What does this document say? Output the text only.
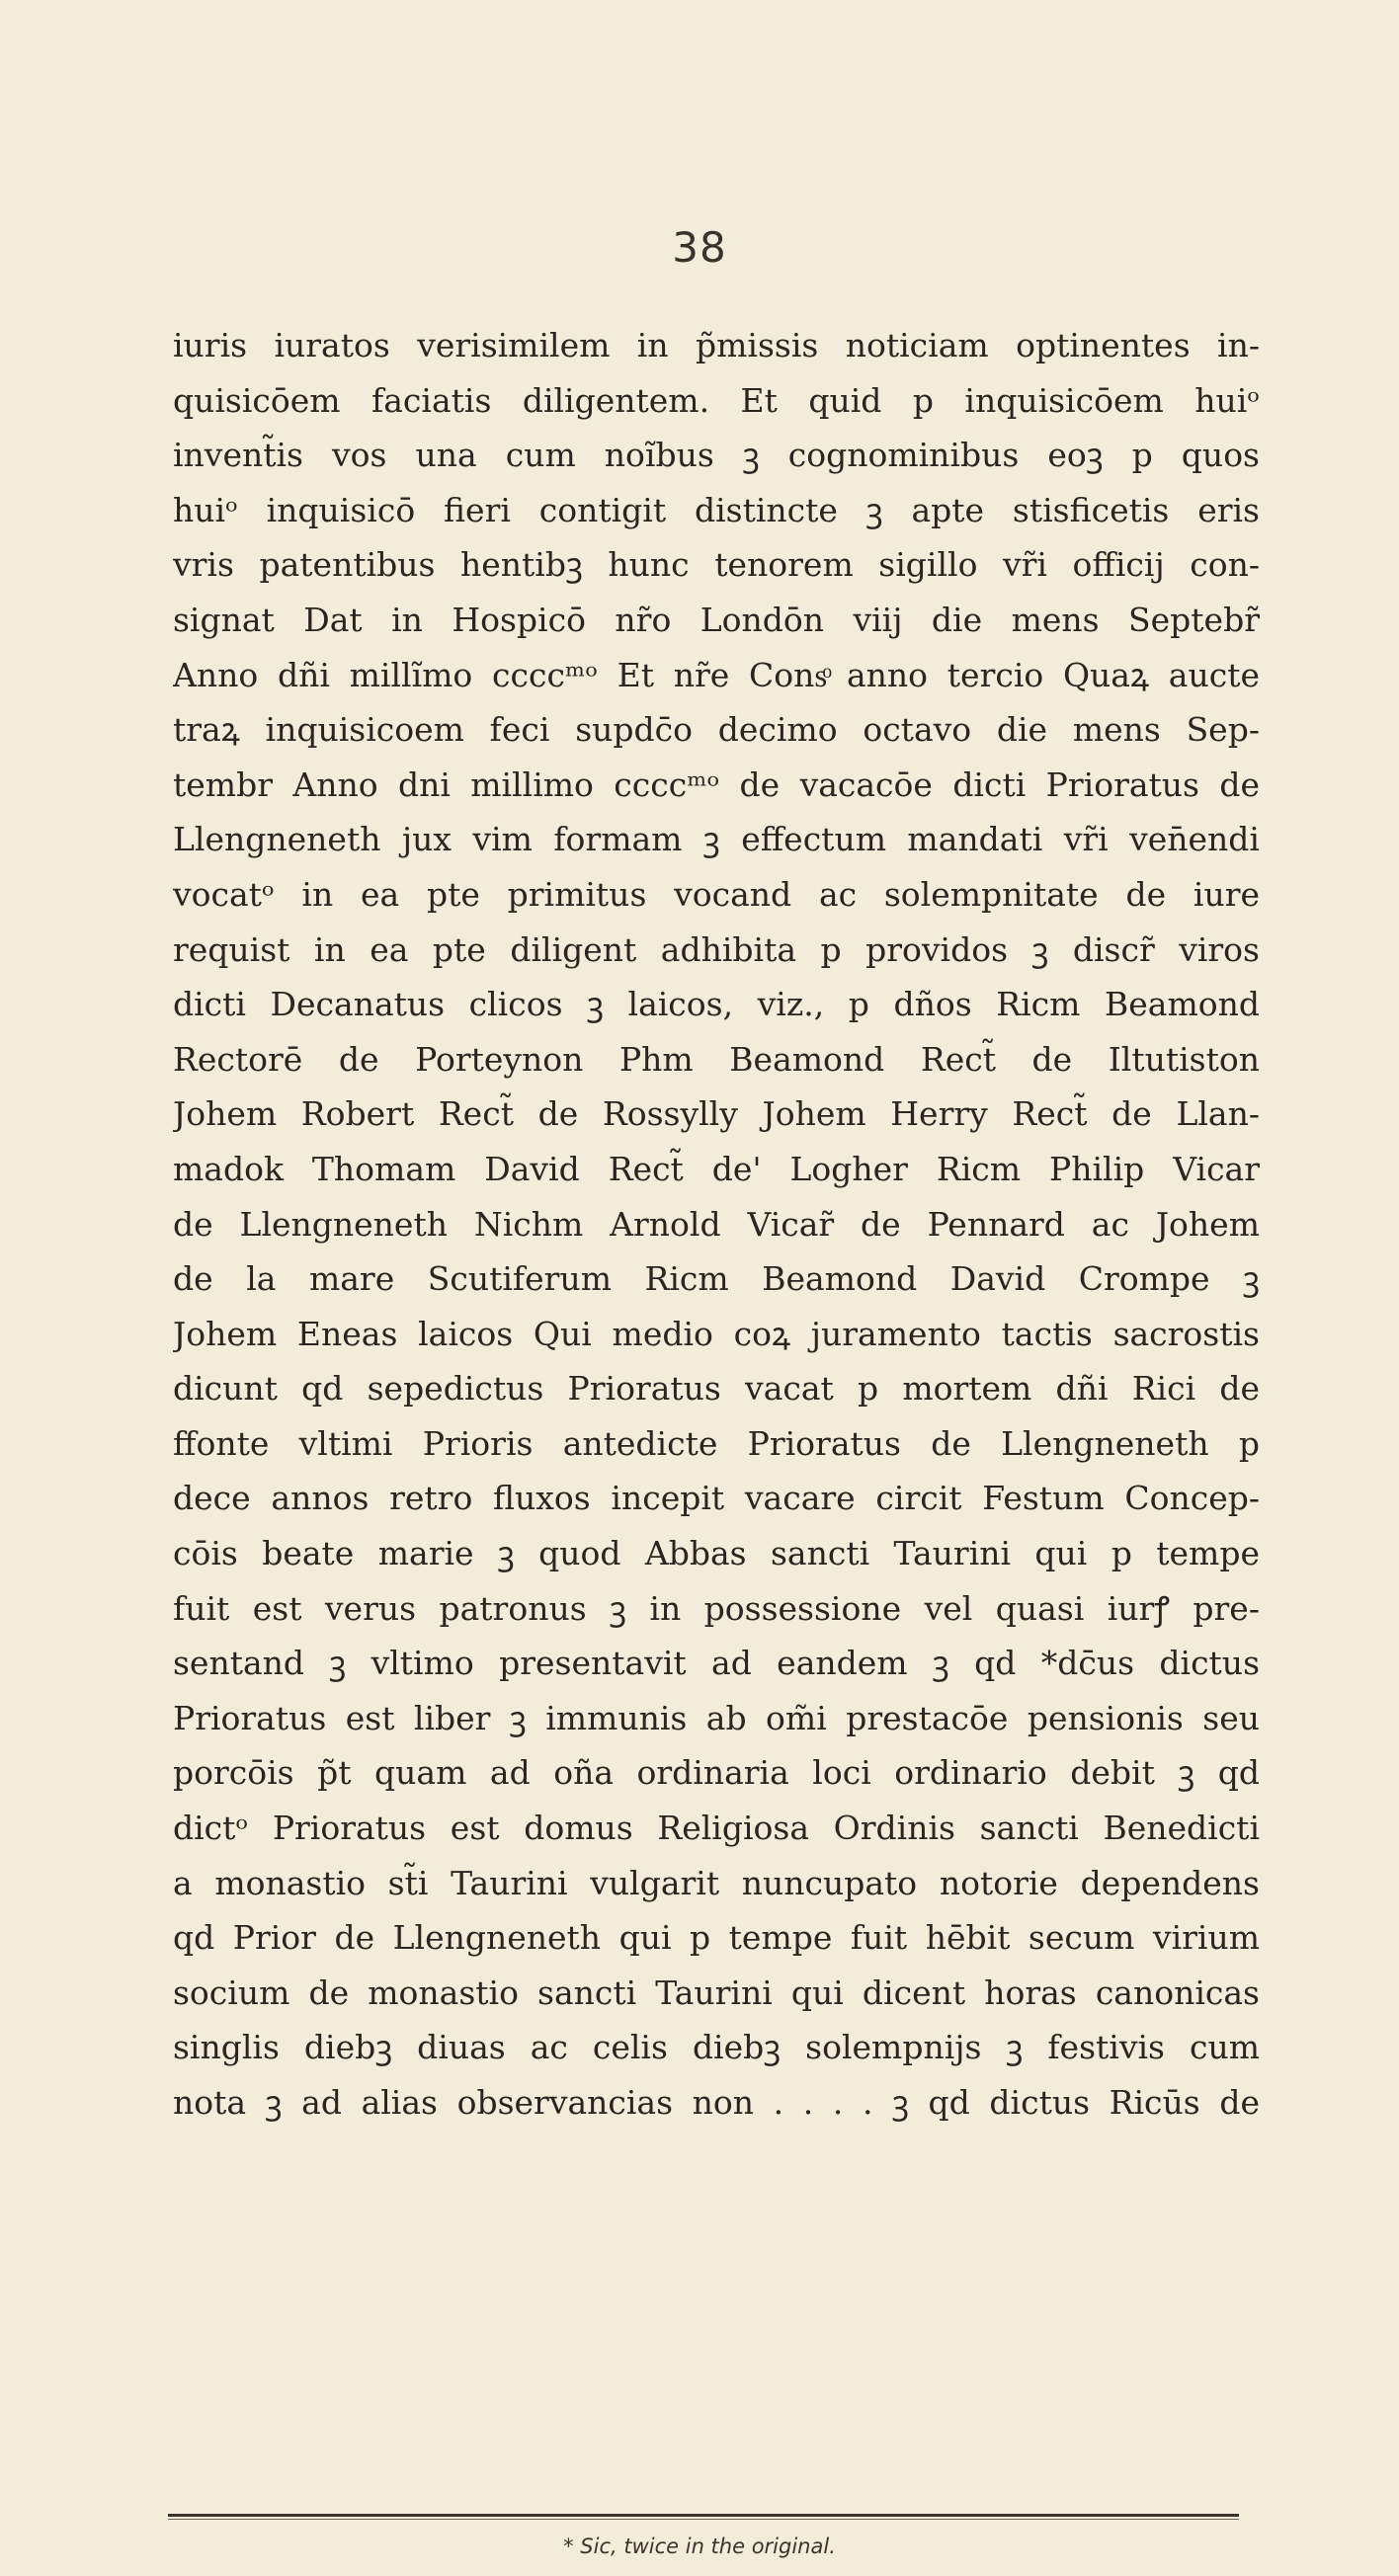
38
iuris iuratos verisimilem in p̃missis noticiam optinentes in-
quisicōem faciatis diligentem. Et quid p inquisicōem huiᵒ
invent̃is vos una cum noĩbus ꝫ cognominibus eoꝫ p quos
huiᵒ inquisicō fieri contigit distincte ꝫ apte stisficetis eris
vris patentibus hentibꝫ hunc tenorem sigillo vr̃i officij con-
signat Dat in Hospicō nr̃o Londōn viij die mens Septebr̃
Anno dñi millĩmo ccccᵐᵒ Et nr̃e Consͦ anno tercio Quaꝝ aucte
traꝝ inquisicoem feci supdc̄o decimo octavo die mens Sep-
tembr Anno dni millimo ccccᵐᵒ de vacacōe dicti Prioratus de
Llengneneth jux vim formam ꝫ effectum mandati vr̃i ven̄endi
vocatᵒ in ea pte primitus vocand ac solempnitate de iure
requist in ea pte diligent adhibita p providos ꝫ discr̃ viros
dicti Decanatus clicos ꝫ laicos, viz., p dños Ricm Beamond
Rectorē de Porteynon Phm Beamond Rect̃ de Iltutiston
Johem Robert Rect̃ de Rossylly Johem Herry Rect̃ de Llan-
madok Thomam David Rect̃ de' Logher Ricm Philip Vicar
de Llengneneth Nichm Arnold Vicar̃ de Pennard ac Johem
de la mare Scutiferum Ricm Beamond David Crompe ꝫ
Johem Eneas laicos Qui medio coꝝ juramento tactis sacrostis
dicunt qd sepedictus Prioratus vacat p mortem dñi Rici de
ffonte vltimi Prioris antedicte Prioratus de Llengneneth p
dece annos retro fluxos incepit vacare circit Festum Concep-
cōis beate marie ꝫ quod Abbas sancti Taurini qui p tempe
fuit est verus patronus ꝫ in possessione vel quasi iurꝭ pre-
sentand ꝫ vltimo presentavit ad eandem ꝫ qd *dc̄us dictus
Prioratus est liber ꝫ immunis ab om̃i prestacōe pensionis seu
porcōis p̃t quam ad oña ordinaria loci ordinario debit ꝫ qd
dictᵒ Prioratus est domus Religiosa Ordinis sancti Benedicti
a monastio st̃i Taurini vulgarit nuncupato notorie dependens
qd Prior de Llengneneth qui p tempe fuit hēbit secum virium
socium de monastio sancti Taurini qui dicent horas canonicas
singlis diebꝫ diuas ac celis diebꝫ solempnijs ꝫ festivis cum
nota ꝫ ad alias observancias non . . . . ꝫ qd dictus Ricūs de
* Sic, twice in the original.
